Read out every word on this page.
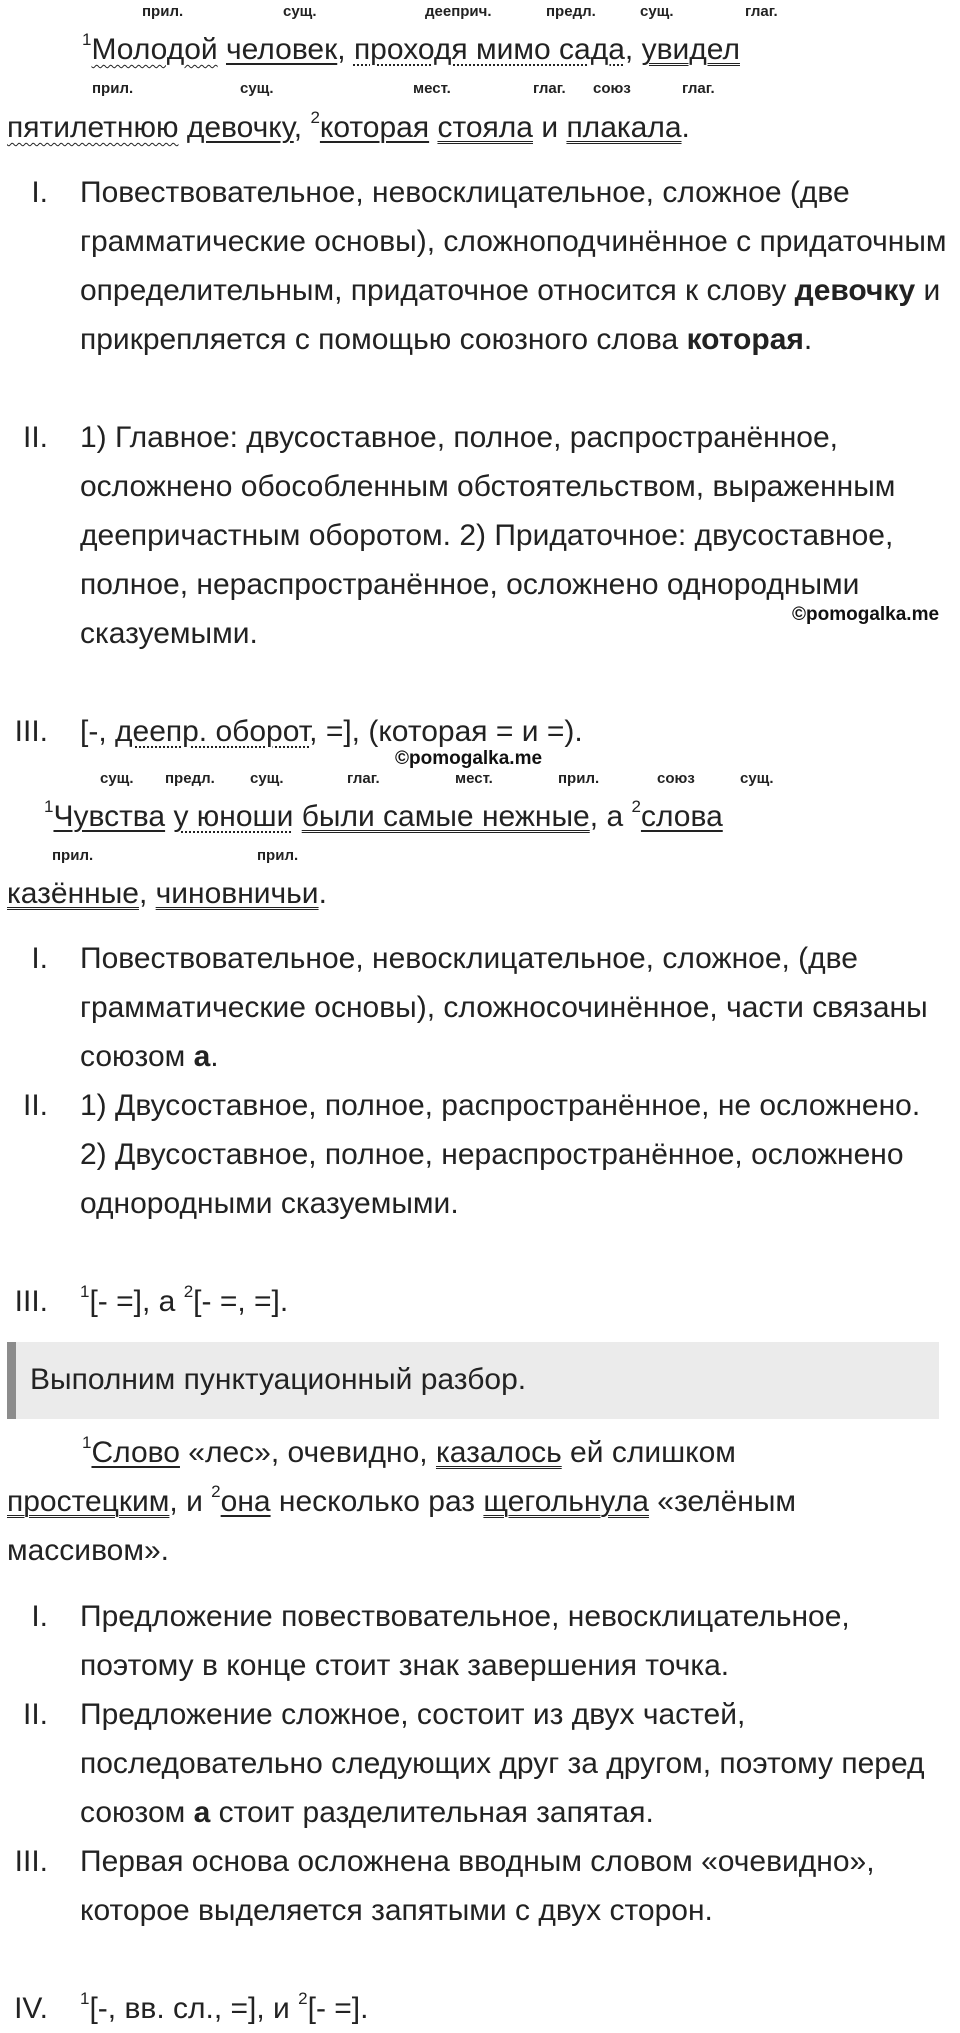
прил.	сущ.	дееприч.	предл.	сущ.	глаг.
$^1$Молодой человек, проходя мимо сада, увидел
прил.	сущ.	мест.	глаг. союз	глаг.
пятилетнюю девочку, $^2$которая стояла и плакала.
I. Повествовательное, невосклицательное, сложное (две грамматические основы), сложноподчинённое с придаточным определительным, придаточное относится к слову девочку и прикрепляется с помощью союзного слова которая.
II. 1) Главное: двусоставное, полное, распространённое, осложнено обособленным обстоятельством, выраженным деепричастным оборотом. 2) Придаточное: двусоставное, полное, нераспространённое, осложнено однородными сказуемыми.
III. [-, деепр. оборот, =], (которая = и =).
©pomogalka.me
©pomogalka.me
сущ. предл. сущ.	глаг.	мест.	прил.	союз	сущ.
$^1$Чувства у юноши были самые нежные, а $^2$слова
прил.	прил.
казённые, чиновничьи.
I. Повествовательное, невосклицательное, сложное, (две грамматические основы), сложносочинённое, части связаны союзом а.
II. 1) Двусоставное, полное, распространённое, не осложнено. 2) Двусоставное, полное, нераспространённое, осложнено однородными сказуемыми.
III. $^1$[- =], а $^2$[- =, =].
Выполним пунктуационный разбор.
$^1$Слово «лес», очевидно, казалось ей слишком
простецким, и $^2$она несколько раз щегольнула «зелёным
массивом».
I. Предложение повествовательное, невосклицательное, поэтому в конце стоит знак завершения точка.
II. Предложение сложное, состоит из двух частей, последовательно следующих друг за другом, поэтому перед союзом а стоит разделительная запятая.
III. Первая основа осложнена вводным словом «очевидно», которое выделяется запятыми с двух сторон.
IV. $^1$[-, вв. сл., =], и $^2$[- =].
